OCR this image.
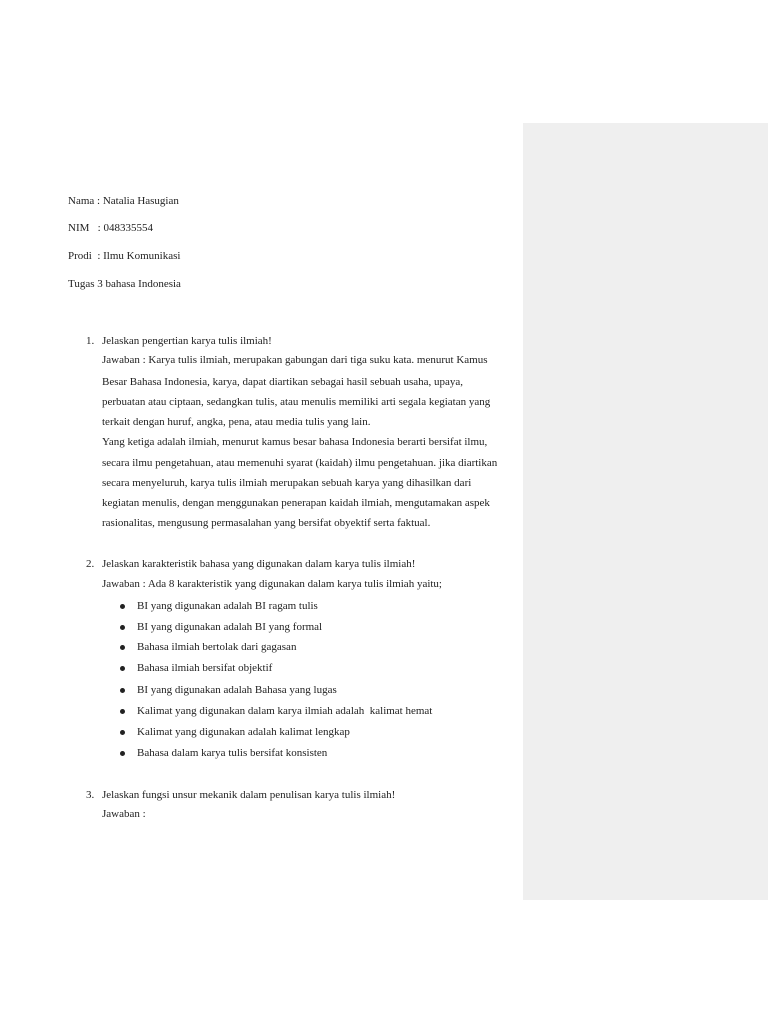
Nama : Natalia Hasugian
NIM   : 048335554
Prodi  : Ilmu Komunikasi
Tugas 3 bahasa Indonesia
1. Jelaskan pengertian karya tulis ilmiah!
Jawaban : Karya tulis ilmiah, merupakan gabungan dari tiga suku kata. menurut Kamus
Besar Bahasa Indonesia, karya, dapat diartikan sebagai hasil sebuah usaha, upaya,
perbuatan atau ciptaan, sedangkan tulis, atau menulis memiliki arti segala kegiatan yang
terkait dengan huruf, angka, pena, atau media tulis yang lain.
Yang ketiga adalah ilmiah, menurut kamus besar bahasa Indonesia berarti bersifat ilmu,
secara ilmu pengetahuan, atau memenuhi syarat (kaidah) ilmu pengetahuan. jika diartikan
secara menyeluruh, karya tulis ilmiah merupakan sebuah karya yang dihasilkan dari
kegiatan menulis, dengan menggunakan penerapan kaidah ilmiah, mengutamakan aspek
rasionalitas, mengusung permasalahan yang bersifat obyektif serta faktual.
2. Jelaskan karakteristik bahasa yang digunakan dalam karya tulis ilmiah!
Jawaban : Ada 8 karakteristik yang digunakan dalam karya tulis ilmiah yaitu;
BI yang digunakan adalah BI ragam tulis
BI yang digunakan adalah BI yang formal
Bahasa ilmiah bertolak dari gagasan
Bahasa ilmiah bersifat objektif
BI yang digunakan adalah Bahasa yang lugas
Kalimat yang digunakan dalam karya ilmiah adalah  kalimat hemat
Kalimat yang digunakan adalah kalimat lengkap
Bahasa dalam karya tulis bersifat konsisten
3. Jelaskan fungsi unsur mekanik dalam penulisan karya tulis ilmiah!
Jawaban :
